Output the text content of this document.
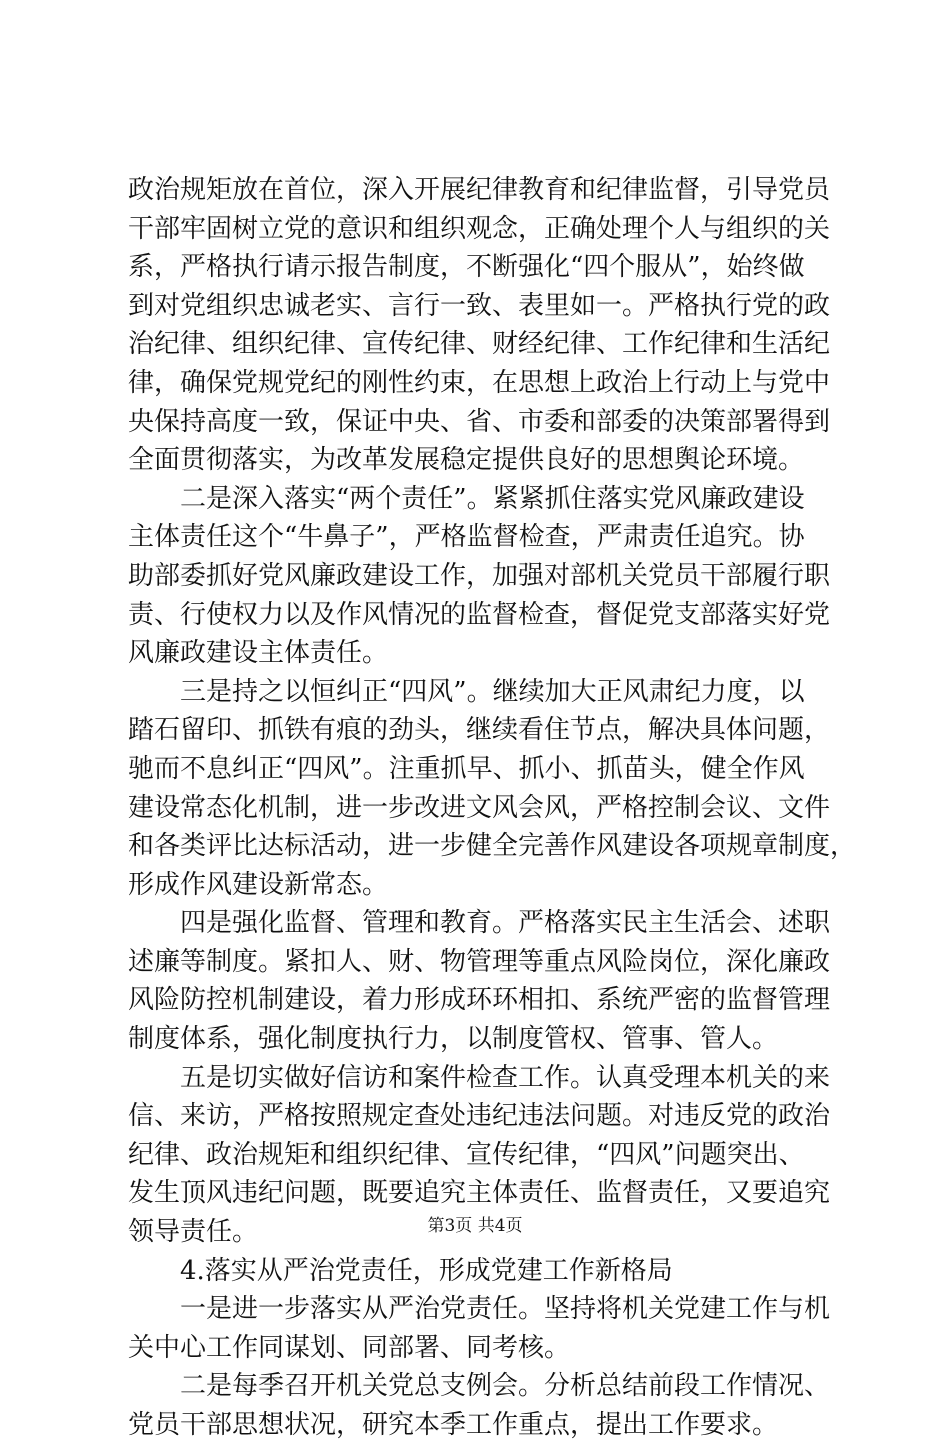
政治规矩放在首位，深入开展纪律教育和纪律监督，引导党员
干部牢固树立党的意识和组织观念，正确处理个人与组织的关
系，严格执行请示报告制度，不断强化“四个服从”，始终做
到对党组织忠诚老实、言行一致、表里如一。严格执行党的政
治纪律、组织纪律、宣传纪律、财经纪律、工作纪律和生活纪
律，确保党规党纪的刚性约束，在思想上政治上行动上与党中
央保持高度一致，保证中央、省、市委和部委的决策部署得到
全面贯彻落实，为改革发展稳定提供良好的思想舆论环境。
　　二是深入落实“两个责任”。紧紧抓住落实党风廉政建设
主体责任这个“牛鼻子”，严格监督检查，严肃责任追究。协
助部委抓好党风廉政建设工作，加强对部机关党员干部履行职
责、行使权力以及作风情况的监督检查，督促党支部落实好党
风廉政建设主体责任。
　　三是持之以恒纠正“四风”。继续加大正风肃纪力度，以
踏石留印、抓铁有痕的劲头，继续看住节点，解决具体问题，
驰而不息纠正“四风”。注重抓早、抓小、抓苗头，健全作风
建设常态化机制，进一步改进文风会风，严格控制会议、文件
和各类评比达标活动，进一步健全完善作风建设各项规章制度，
形成作风建设新常态。
　　四是强化监督、管理和教育。严格落实民主生活会、述职
述廉等制度。紧扣人、财、物管理等重点风险岗位，深化廉政
风险防控机制建设，着力形成环环相扣、系统严密的监督管理
制度体系，强化制度执行力，以制度管权、管事、管人。
　　五是切实做好信访和案件检查工作。认真受理本机关的来
信、来访，严格按照规定查处违纪违法问题。对违反党的政治
纪律、政治规矩和组织纪律、宣传纪律，“四风”问题突出、
发生顶风违纪问题，既要追究主体责任、监督责任，又要追究
领导责任。
　　4.落实从严治党责任，形成党建工作新格局
　　一是进一步落实从严治党责任。坚持将机关党建工作与机
关中心工作同谋划、同部署、同考核。
　　二是每季召开机关党总支例会。分析总结前段工作情况、
党员干部思想状况，研究本季工作重点，提出工作要求。
第3页 共4页
